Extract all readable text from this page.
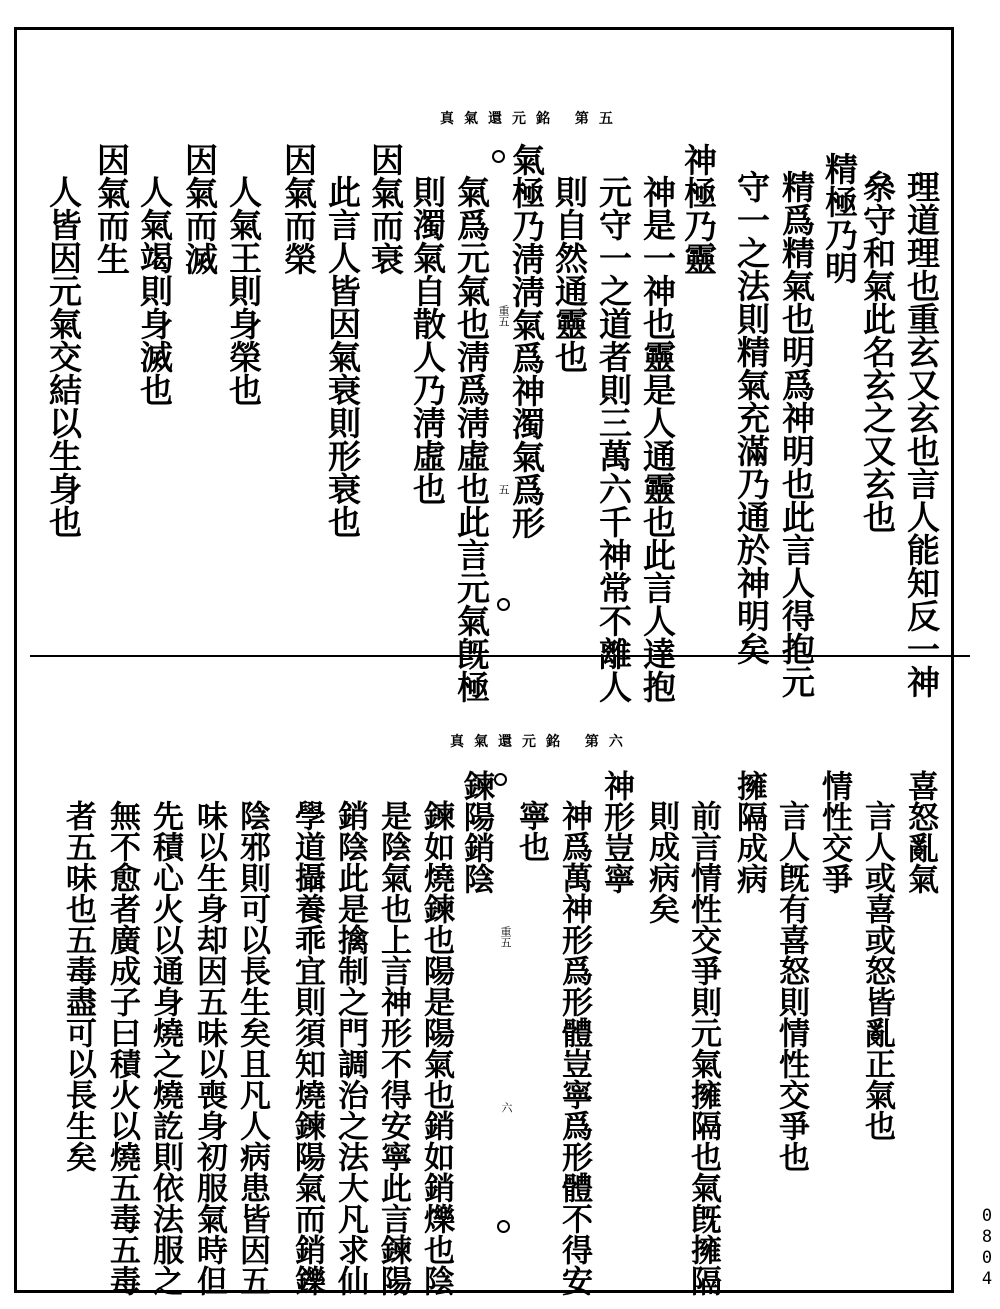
真氣還元銘 第五
理道理也重玄又玄也言人能知反一神
㕘守和氣此名玄之又玄也
精極乃明
精爲精氣也明爲神明也此言人得抱元
守一之法則精氣充滿乃通於神明矣
神極乃靈
神是一神也靈是人通靈也此言人達抱
元守一之道者則三萬六千神常不離人
則自然通靈也
氣極乃淸淸氣爲神濁氣爲形
氣爲元氣也淸爲淸虛也此言元氣旣極
則濁氣自散人乃淸虛也
因氣而衰
此言人皆因氣衰則形衰也
因氣而榮
人氣王則身榮也
因氣而滅
人氣竭則身滅也
因氣而生
人皆因元氣交結以生身也	重五
五
真氣還元銘 第六
喜怒亂氣
言人或喜或怒皆亂正氣也
情性交爭
言人旣有喜怒則情性交爭也
擁隔成病
前言情性交爭則元氣擁隔也氣旣擁隔
則成病矣
神形豈寧
神爲萬神形爲形體豈寧爲形體不得安
寧也
鍊陽銷陰
鍊如燒鍊也陽是陽氣也銷如銷爍也陰
是陰氣也上言神形不得安寧此言鍊陽
銷陰此是擒制之門調治之法大凡求仙
學道攝養乖宜則須知燒鍊陽氣而銷鑠
陰邪則可以長生矣且凡人病患皆因五
味以生身却因五味以喪身初服氣時但
先積心火以通身燒之燒訖則依法服之
無不愈者廣成子曰積火以燒五毒五毒
者五味也五毒盡可以長生矣	重五
六
0804
